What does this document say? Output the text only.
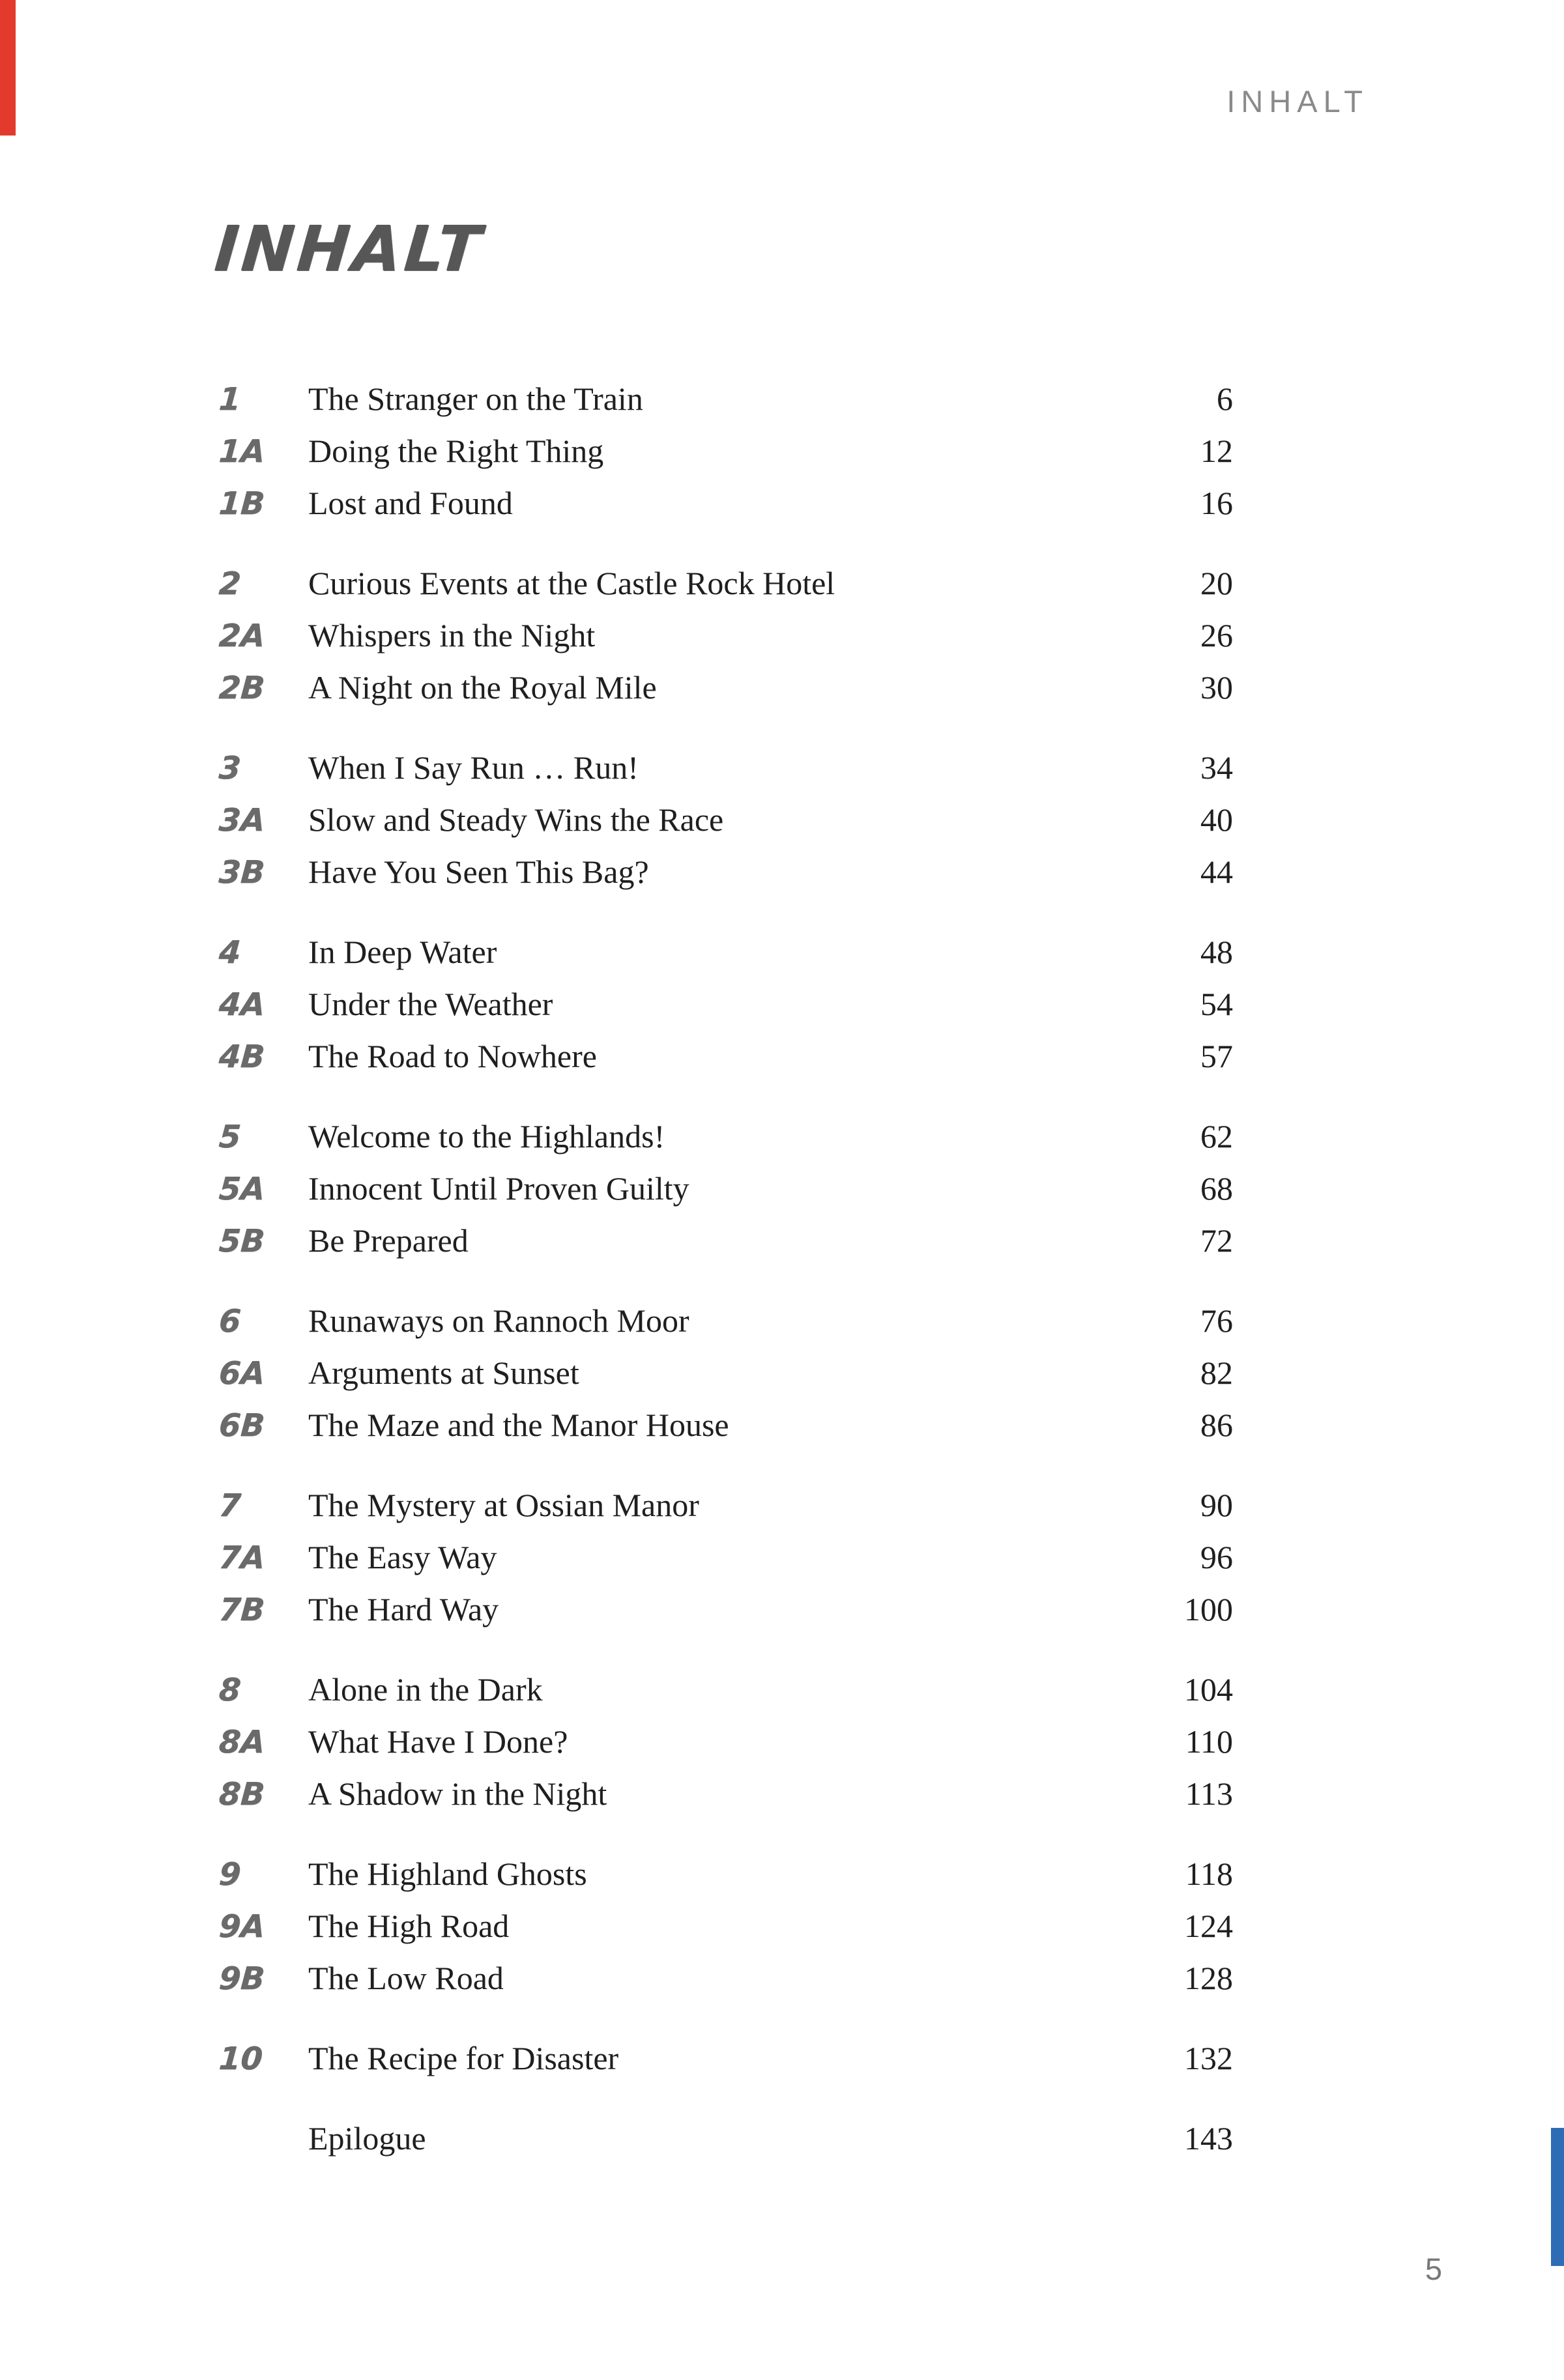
INHALT
INHALT
1	The Stranger on the Train	6
1A	Doing the Right Thing	12
1B	Lost and Found	16
2	Curious Events at the Castle Rock Hotel	20
2A	Whispers in the Night	26
2B	A Night on the Royal Mile	30
3	When I Say Run … Run!	34
3A	Slow and Steady Wins the Race	40
3B	Have You Seen This Bag?	44
4	In Deep Water	48
4A	Under the Weather	54
4B	The Road to Nowhere	57
5	Welcome to the Highlands!	62
5A	Innocent Until Proven Guilty	68
5B	Be Prepared	72
6	Runaways on Rannoch Moor	76
6A	Arguments at Sunset	82
6B	The Maze and the Manor House	86
7	The Mystery at Ossian Manor	90
7A	The Easy Way	96
7B	The Hard Way	100
8	Alone in the Dark	104
8A	What Have I Done?	110
8B	A Shadow in the Night	113
9	The Highland Ghosts	118
9A	The High Road	124
9B	The Low Road	128
10	The Recipe for Disaster	132
Epilogue	143
5
